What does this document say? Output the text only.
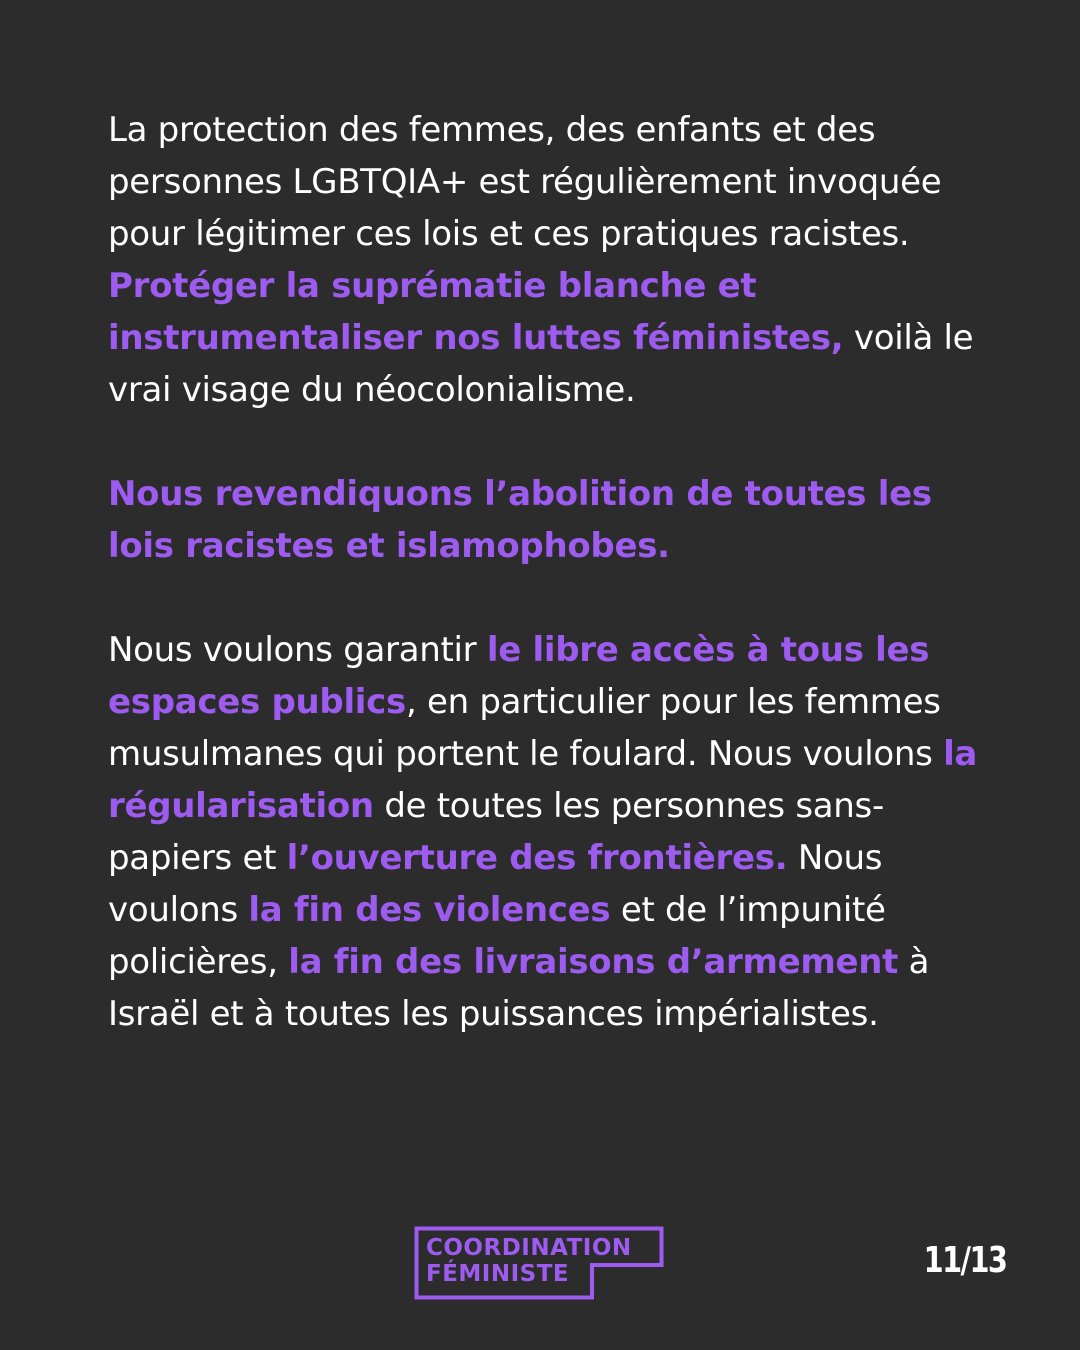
La protection des femmes, des enfants et des personnes LGBTQIA+ est régulièrement invoquée pour légitimer ces lois et ces pratiques racistes. Protéger la suprématie blanche et instrumentaliser nos luttes féministes, voilà le vrai visage du néocolonialisme.

Nous revendiquons l’abolition de toutes les lois racistes et islamophobes.

Nous voulons garantir le libre accès à tous les espaces publics, en particulier pour les femmes musulmanes qui portent le foulard. Nous voulons la régularisation de toutes les personnes sans-papiers et l’ouverture des frontières. Nous voulons la fin des violences et de l’impunité policières, la fin des livraisons d’armement à Israël et à toutes les puissances impérialistes.

COORDINATION
FÉMINISTE	11/13
